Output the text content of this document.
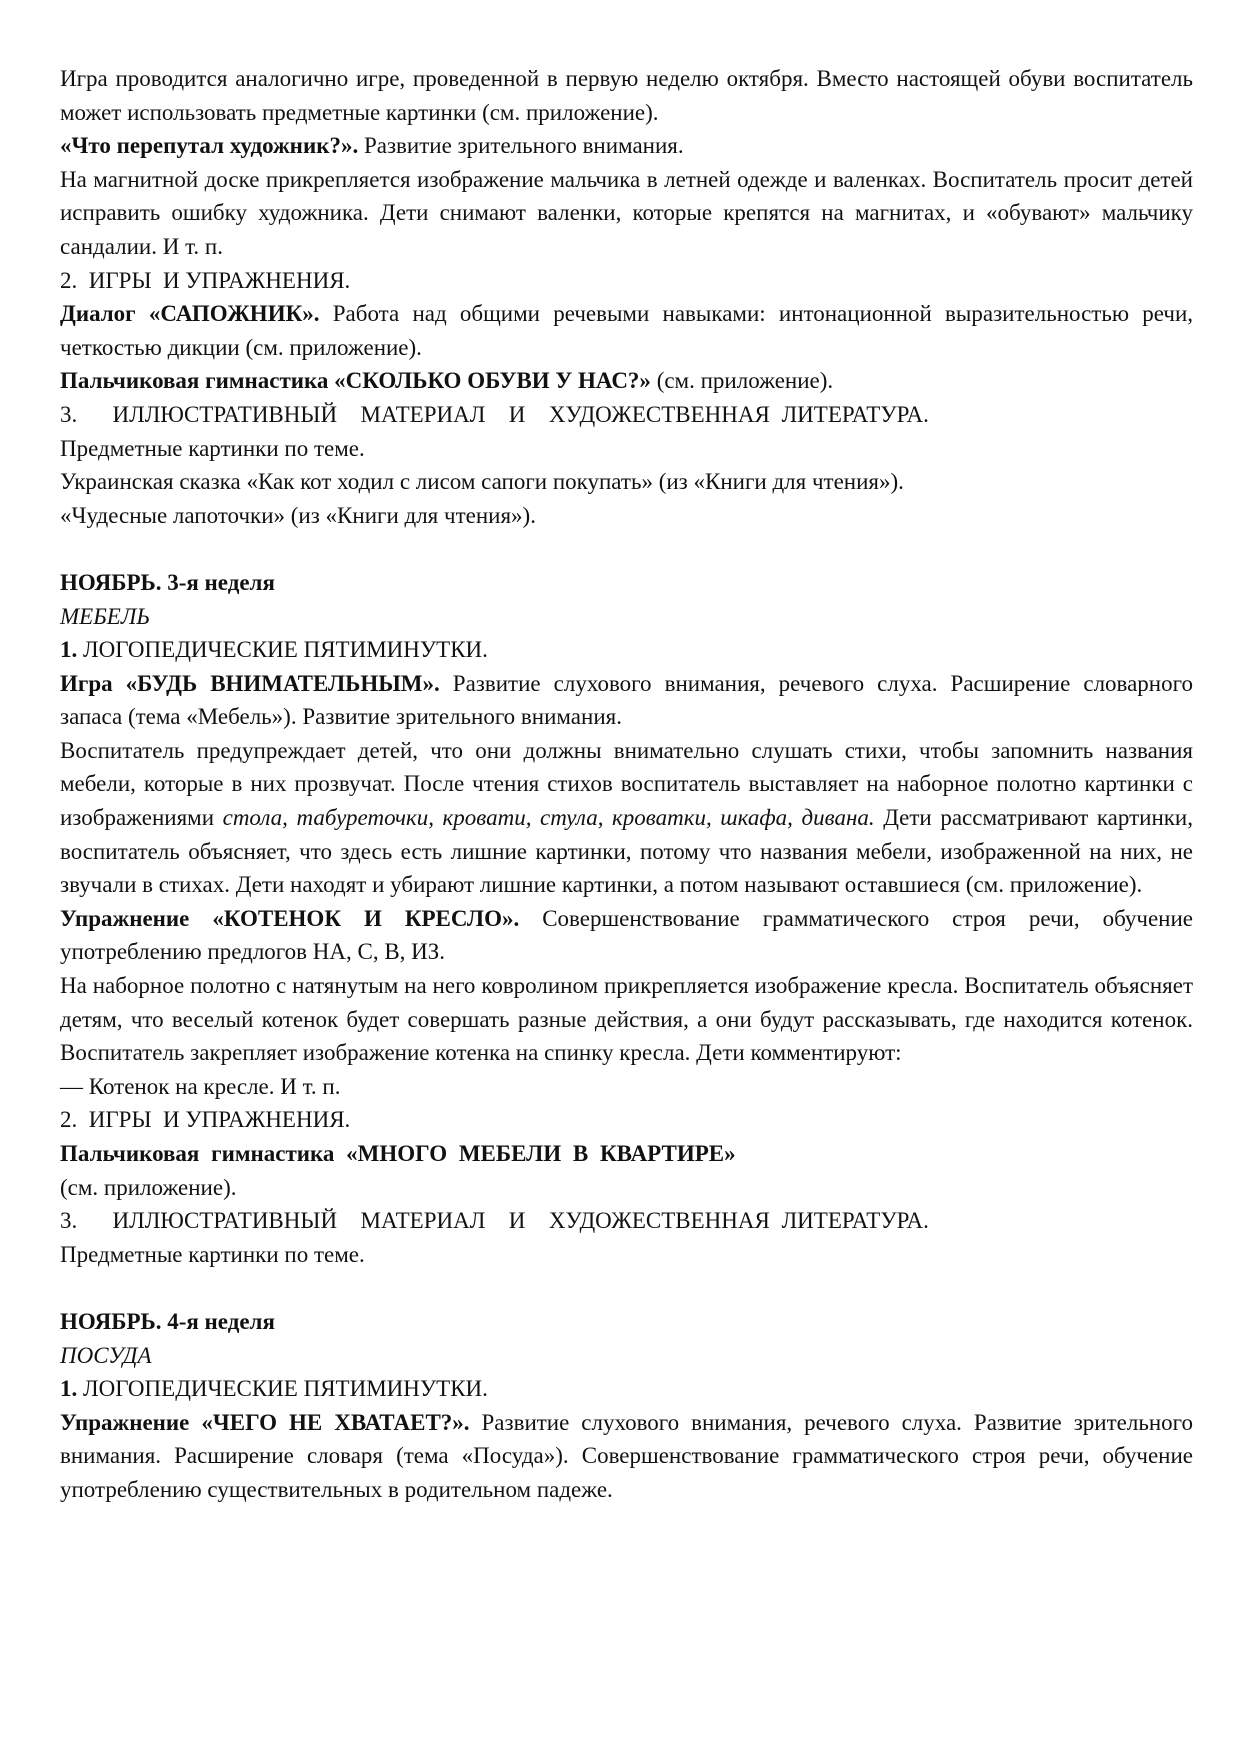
Игра проводится аналогично игре, проведенной в первую неделю октября. Вместо настоящей обуви воспитатель может использовать предметные картинки (см. приложение).

«Что перепутал художник?». Развитие зрительного внимания.

На магнитной доске прикрепляется изображение мальчика в летней одежде и валенках. Воспитатель просит детей исправить ошибку художника. Дети снимают валенки, которые крепятся на магнитах, и «обувают» мальчику сандалии. И т. п.

2.  ИГРЫ  И УПРАЖНЕНИЯ.

Диалог «САПОЖНИК». Работа над общими речевыми навыками: интонационной выразительностью речи, четкостью дикции (см. приложение).

Пальчиковая гимнастика «СКОЛЬКО ОБУВИ У НАС?» (см. приложение).

3.   ИЛЛЮСТРАТИВНЫЙ  МАТЕРИАЛ  И  ХУДОЖЕСТВЕННАЯ ЛИТЕРАТУРА.

Предметные картинки по теме.

Украинская сказка «Как кот ходил с лисом сапоги покупать» (из «Книги для чтения»).

«Чудесные лапоточки» (из «Книги для чтения»).

НОЯБРЬ. 3-я неделя

МЕБЕЛЬ

1. ЛОГОПЕДИЧЕСКИЕ ПЯТИМИНУТКИ.

Игра «БУДЬ ВНИМАТЕЛЬНЫМ». Развитие слухового внимания, речевого слуха. Расширение словарного запаса (тема «Мебель»). Развитие зрительного внимания.

Воспитатель предупреждает детей, что они должны внимательно слушать стихи, чтобы запомнить названия мебели, которые в них прозвучат. После чтения стихов воспитатель выставляет на наборное полотно картинки с изображениями стола, табуреточки, кровати, стула, кроватки, шкафа, дивана. Дети рассматривают картинки, воспитатель объясняет, что здесь есть лишние картинки, потому что названия мебели, изображенной на них, не звучали в стихах. Дети находят и убирают лишние картинки, а потом называют оставшиеся (см. приложение).

Упражнение «КОТЕНОК И КРЕСЛО». Совершенствование грамматического строя речи, обучение употреблению предлогов НА, С, В, ИЗ.

На наборное полотно с натянутым на него ковролином прикрепляется изображение кресла. Воспитатель объясняет детям, что веселый котенок будет совершать разные действия, а они будут рассказывать, где находится котенок. Воспитатель закрепляет изображение котенка на спинку кресла. Дети комментируют:

— Котенок на кресле. И т. п.

2.  ИГРЫ  И УПРАЖНЕНИЯ.

Пальчиковая гимнастика «МНОГО МЕБЕЛИ В КВАРТИРЕ»

(см. приложение).

3.   ИЛЛЮСТРАТИВНЫЙ  МАТЕРИАЛ  И  ХУДОЖЕСТВЕННАЯ ЛИТЕРАТУРА.

Предметные картинки по теме.

НОЯБРЬ. 4-я неделя

ПОСУДА

1. ЛОГОПЕДИЧЕСКИЕ ПЯТИМИНУТКИ.

Упражнение «ЧЕГО НЕ ХВАТАЕТ?». Развитие слухового внимания, речевого слуха. Развитие зрительного внимания. Расширение словаря (тема «Посуда»). Совершенствование грамматического строя речи, обучение употреблению существительных в родительном падеже.
